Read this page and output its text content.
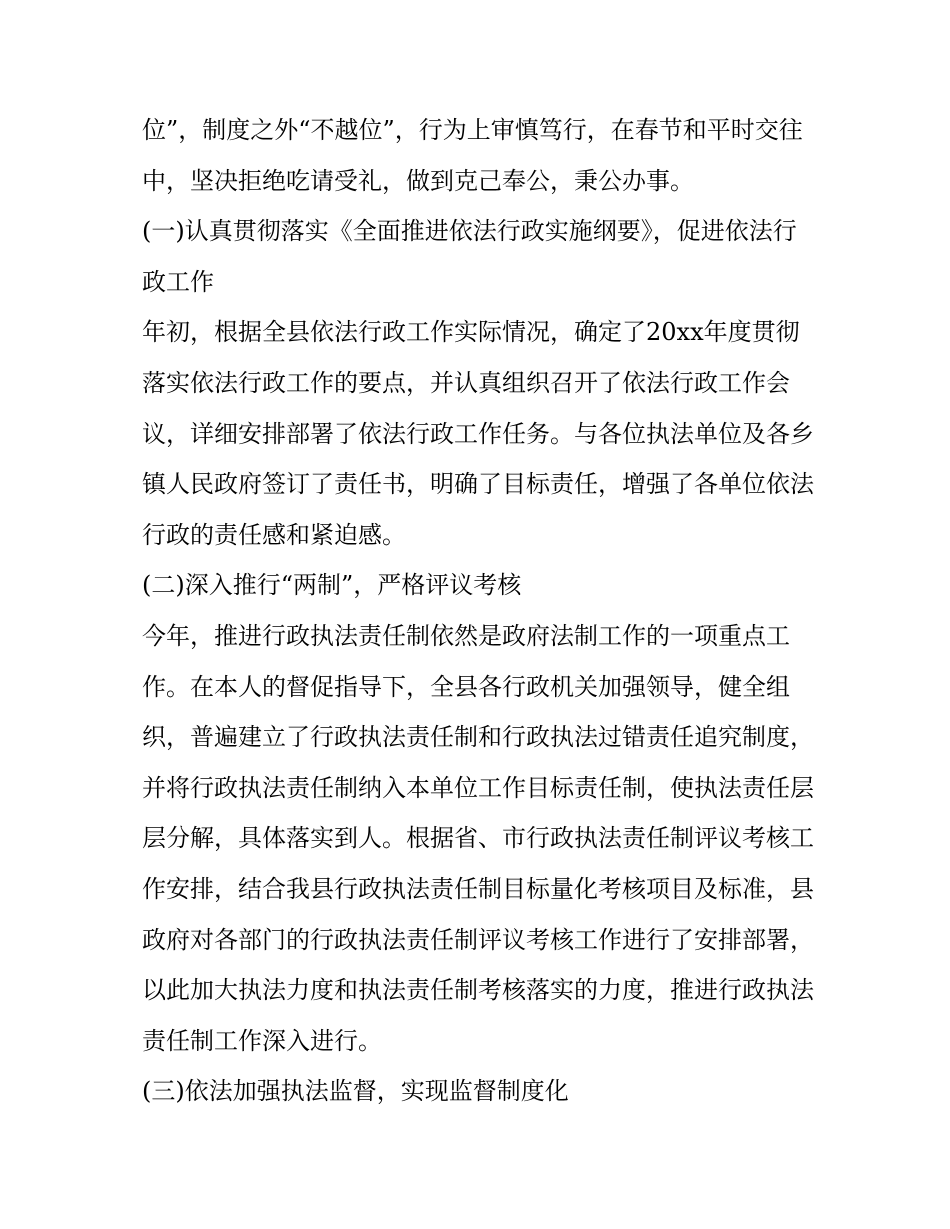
位”，制度之外“不越位”，行为上审慎笃行，在春节和平时交往中，坚决拒绝吃请受礼，做到克己奉公，秉公办事。

(一)认真贯彻落实《全面推进依法行政实施纲要》，促进依法行政工作

年初，根据全县依法行政工作实际情况，确定了20xx年度贯彻落实依法行政工作的要点，并认真组织召开了依法行政工作会议，详细安排部署了依法行政工作任务。与各位执法单位及各乡镇人民政府签订了责任书，明确了目标责任，增强了各单位依法行政的责任感和紧迫感。

(二)深入推行“两制”，严格评议考核

今年，推进行政执法责任制依然是政府法制工作的一项重点工作。在本人的督促指导下，全县各行政机关加强领导，健全组织，普遍建立了行政执法责任制和行政执法过错责任追究制度，并将行政执法责任制纳入本单位工作目标责任制，使执法责任层层分解，具体落实到人。根据省、市行政执法责任制评议考核工作安排，结合我县行政执法责任制目标量化考核项目及标准，县政府对各部门的行政执法责任制评议考核工作进行了安排部署，以此加大执法力度和执法责任制考核落实的力度，推进行政执法责任制工作深入进行。

(三)依法加强执法监督，实现监督制度化
